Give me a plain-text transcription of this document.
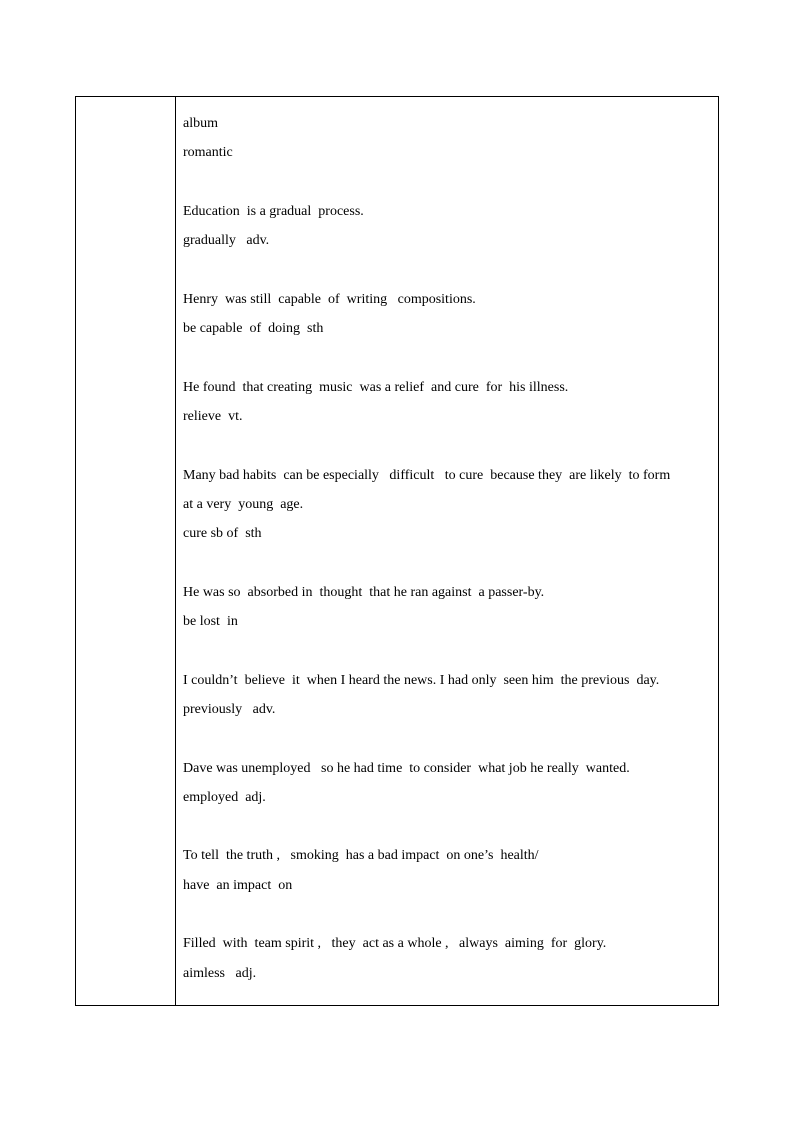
album
romantic
Education  is a gradual  process.
gradually   adv.
Henry  was still  capable  of  writing   compositions.
be capable  of  doing  sth
He found  that creating  music  was a relief  and cure  for  his illness.
relieve  vt.
Many bad habits  can be especially   difficult   to cure  because they  are likely  to form
at a very  young  age.
cure sb of  sth
He was so  absorbed in  thought  that he ran against  a passer-by.
be lost  in
I couldn’t  believe  it  when I heard the news. I had only  seen him  the previous  day.
previously   adv.
Dave was unemployed   so he had time  to consider  what job he really  wanted.
employed  adj.
To tell  the truth ,   smoking  has a bad impact  on one’s  health/
have  an impact  on
Filled  with  team spirit ,   they  act as a whole ,   always  aiming  for  glory.
aimless   adj.
